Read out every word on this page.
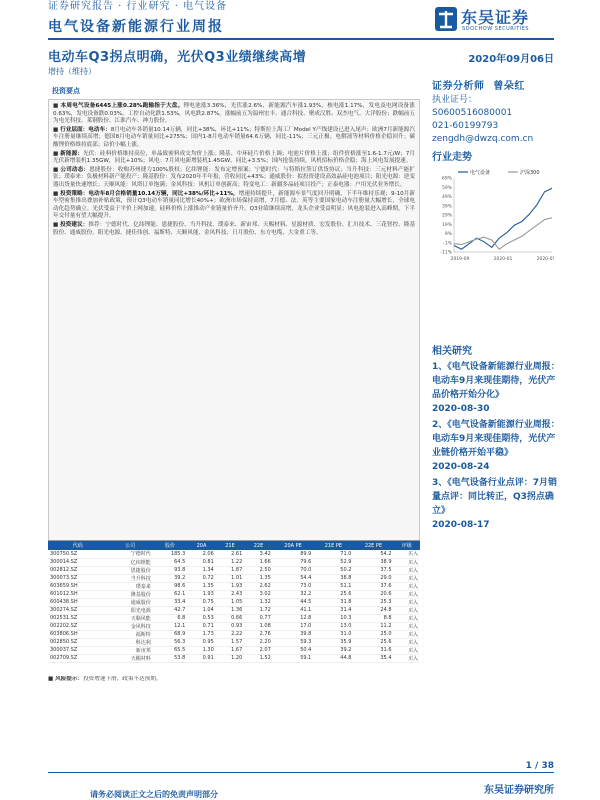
证券研究报告 · 行业研究 · 电气设备
电气设备新能源行业周报	东吴证券
SOOCHOW SECURITIES
电动车Q3拐点明确，光伏Q3业绩继续高增	2020年09月06日
增持（维持）
投资要点

■ 本周电气设备6445上涨0.28%跑输指于大盘。锂电池涨3.36%，光伏涨2.6%，新能源汽车涨1.93%，核电涨1.17%，发电及电网设备涨0.63%，发电设备跌0.03%，工控自动化跌1.53%，风电跌2.87%。涨幅前五为温州宏丰、通合科技、聚成汉胜、双杰电气、大洋股份；跌幅前五为电光科技、莱钢股份、江淮汽车、神力股份。

■ 行业层面：电动车：8月电动车各销量10.14万辆，同比+38%，环比+11%；特斯拉上海工厂Model Y产线建设已进入尾声；欧洲7月新能源汽车注册量继续高增；德国8月电动车销量同比+275%；国内1-8月电动车销量64.6万辆，同比-11%；三元正极、电解液等材料价格企稳回升；碳酸锂价格维持底部；钴价小幅上涨。

■ 新能源：光伏：硅料价格维持高位，单晶致密料成交均价上涨；隆基、中环硅片价格上调；电池片价格上涨；组件价格涨至1.6-1.7元/W；7月光伏新增装机1.35GW，同比+10%；风电：7月风电新增装机1.45GW，同比+3.5%；国内抢装持续，风机招标价格企稳；海上风电发展提速。

■ 公司动态：恩捷股份：收购苏州捷力100%股权；亿纬锂能：发布定增预案；宁德时代：与特斯拉签订供货协议；当升科技：三元材料产能扩张；璞泰来：负极材料新产能投产；隆基股份：发布2020年半年报，营收同比+43%；通威股份：拟投资建设高效晶硅电池项目；阳光电源：逆变器出货量快速增长；天顺风能：风塔订单饱满；金风科技：风机订单创新高；特变电工：新疆多晶硅项目投产；正泰电器：户用光伏业务增长。

■ 投资策略：电动车8月合格销量10.14万辆，同比+38%/环比+11%，增速持续提升，新能源车景气度回升明确，下半年维持乐观；9-10月新车型密集推出叠加补贴政策，预计Q3电动车销量同比增长40%+；欧洲市场保持高增，7月德、法、英等主要国家电动车注册量大幅增长，全球电动化趋势确立。光伏受益于平价上网加速，硅料价格上涨推动产业链量价齐升，Q3业绩继续高增，龙头企业受益明显；风电抢装进入高峰期，下半年交付量有望大幅提升。

■ 投资建议：推荐：宁德时代、亿纬锂能、恩捷股份、当升科技、璞泰来、新宙邦、天赐材料、星源材质、宏发股份、汇川技术、三花智控、隆基股份、通威股份、阳光电源、捷佳伟创、福斯特、天顺风能、金风科技、日月股份、东方电缆、大金重工等。

代码	公司	股价	20A	21E	22E	20A PE	21E PE	22E PE	评级
300750.SZ	宁德时代	185.3	2.06	2.61	3.42	89.9	71.0	54.2	买入
300014.SZ	亿纬锂能	64.5	0.81	1.22	1.66	79.6	52.9	38.9	买入
002812.SZ	恩捷股份	93.8	1.34	1.87	2.50	70.0	50.2	37.5	买入
300073.SZ	当升科技	39.2	0.72	1.01	1.35	54.4	38.8	29.0	买入
603659.SH	璞泰来	98.6	1.35	1.93	2.62	73.0	51.1	37.6	买入
601012.SH	隆基股份	62.1	1.93	2.43	3.02	32.2	25.6	20.6	买入
600438.SH	通威股份	33.4	0.75	1.05	1.32	44.5	31.8	25.3	买入
300274.SZ	阳光电源	42.7	1.04	1.36	1.72	41.1	31.4	24.8	买入
002531.SZ	天顺风能	6.8	0.53	0.66	0.77	12.8	10.3	8.8	买入
002202.SZ	金风科技	12.1	0.71	0.93	1.08	17.0	13.0	11.2	买入
603806.SH	福斯特	68.9	1.73	2.22	2.76	39.8	31.0	25.0	买入
002850.SZ	科达利	56.3	0.95	1.57	2.20	59.3	35.9	25.6	买入
300037.SZ	新宙邦	65.5	1.30	1.67	2.07	50.4	39.2	31.6	买入
002709.SZ	天赐材料	53.8	0.91	1.20	1.52	59.1	44.8	35.4	买入

■ 风险提示：投资增速下滑，政策不达预期。

证券分析师 曾朵红
执业证号：S0600516080001
021-60199793
zengdh@dwzq.com.cn
行业走势
电气设备	沪深300
69%
59%
49%
39%
29%
19%
9%
-1%
-11%
2019-09	2020-01	2020-05
相关研究
1、《电气设备新能源行业周报：电动车9月来现佳期待，光伏产品价格开始分化》
2020-08-30
2、《电气设备新能源行业周报：电动车9月来现佳期待，光伏产业链价格开始平稳》
2020-08-24
3、《电气设备行业点评：7月销量点评：同比转正，Q3拐点确立》
2020-08-17
1 / 38
东吴证券研究所
请务必阅读正文之后的免责声明部分
